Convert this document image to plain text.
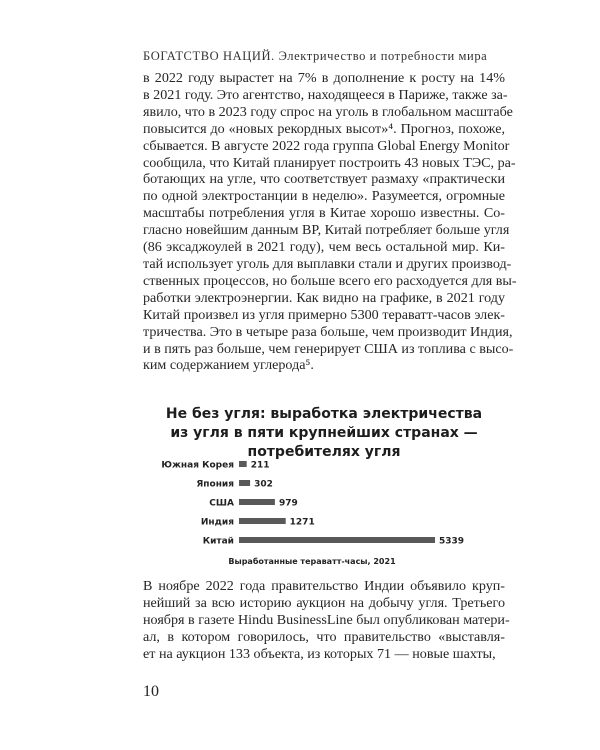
БОГАТСТВО НАЦИЙ. Электричество и потребности мира
в 2022 году вырастет на 7% в дополнение к росту на 14%
в 2021 году. Это агентство, находящееся в Париже, также за-
явило, что в 2023 году спрос на уголь в глобальном масштабе
повысится до «новых рекордных высот»⁴. Прогноз, похоже,
сбывается. В августе 2022 года группа Global Energy Monitor
сообщила, что Китай планирует построить 43 новых ТЭС, ра-
ботающих на угле, что соответствует размаху «практически
по одной электростанции в неделю». Разумеется, огромные
масштабы потребления угля в Китае хорошо известны. Со-
гласно новейшим данным BP, Китай потребляет больше угля
(86 эксаджоулей в 2021 году), чем весь остальной мир. Ки-
тай использует уголь для выплавки стали и других производ-
ственных процессов, но больше всего его расходуется для вы-
работки электроэнергии. Как видно на графике, в 2021 году
Китай произвел из угля примерно 5300 тераватт-часов элек-
тричества. Это в четыре раза больше, чем производит Индия,
и в пять раз больше, чем генерирует США из топлива с высо-
ким содержанием углерода⁵.
Не без угля: выработка электричества
из угля в пяти крупнейших странах —
потребителях угля
Южная Корея 211
Япония 302
США	979
Индия	1271
Китай	5339
Выработанные тераватт-часы, 2021
В ноябре 2022 года правительство Индии объявило круп-
нейший за всю историю аукцион на добычу угля. Третьего
ноября в газете Hindu BusinessLine был опубликован матери-
ал, в котором говорилось, что правительство «выставля-
ет на аукцион 133 объекта, из которых 71 — новые шахты,
10
